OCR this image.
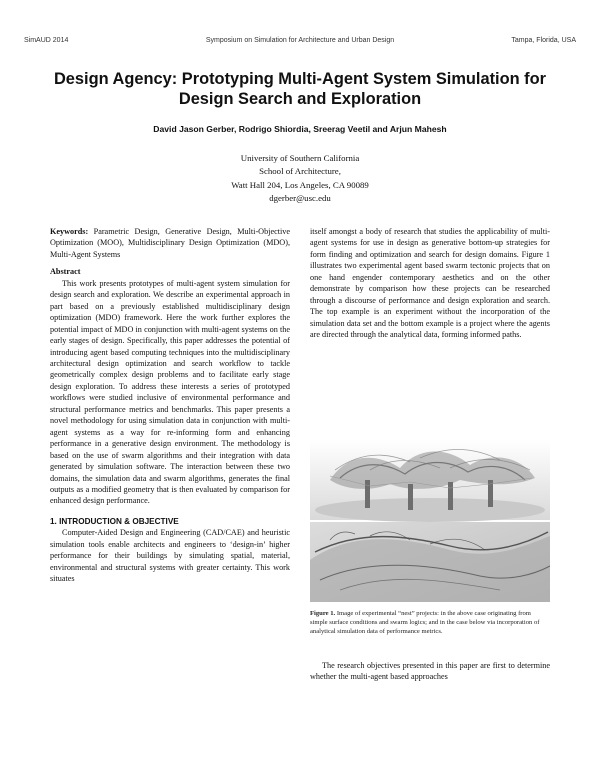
SimAUD 2014	Symposium on Simulation for Architecture and Urban Design	Tampa, Florida, USA
Design Agency: Prototyping Multi-Agent System Simulation for Design Search and Exploration
David Jason Gerber, Rodrigo Shiordia, Sreerag Veetil and Arjun Mahesh
University of Southern California
School of Architecture,
Watt Hall 204, Los Angeles, CA 90089
dgerber@usc.edu

Keywords: Parametric Design, Generative Design, Multi-Objective Optimization (MOO), Multidisciplinary Design Optimization (MDO), Multi-Agent Systems

Abstract

This work presents prototypes of multi-agent system simulation for design search and exploration. We describe an experimental approach in part based on a previously established multidisciplinary design optimization (MDO) framework. Here the work further explores the potential impact of MDO in conjunction with multi-agent systems on the early stages of design. Specifically, this paper addresses the potential of introducing agent based computing techniques into the multidisciplinary architectural design optimization and search workflow to tackle geometrically complex design problems and to facilitate early stage design exploration. To address these interests a series of prototyped workflows were studied inclusive of environmental performance and structural performance metrics and benchmarks. This paper presents a novel methodology for using simulation data in conjunction with multi-agent systems as a way for re-informing form and enhancing performance in a generative design environment. The methodology is based on the use of swarm algorithms and their integration with data generated by simulation software. The interaction between these two domains, the simulation data and swarm algorithms, generates the final outputs as a modified geometry that is then evaluated by comparison for enhanced design performance.

1. INTRODUCTION & OBJECTIVE

Computer-Aided Design and Engineering (CAD/CAE) and heuristic simulation tools enable architects and engineers to ‘design-in’ higher performance for their buildings by simulating spatial, material, environmental and structural systems with greater certainty. This work situates

itself amongst a body of research that studies the applicability of multi-agent systems for use in design as generative bottom-up strategies for form finding and optimization and search for design domains. Figure 1 illustrates two experimental agent based swarm tectonic projects that on one hand engender contemporary aesthetics and on the other demonstrate by comparison how these projects can be researched through a discourse of performance and design exploration and search. The top example is an experiment without the incorporation of the simulation data set and the bottom example is a project where the agents are directed through the analytical data, forming informed paths.

Figure 1. Image of experimental “nest” projects: in the above case originating from simple surface conditions and swarm logics; and in the case below via incorporation of analytical simulation data of performance metrics.

The research objectives presented in this paper are first to determine whether the multi-agent based approaches
